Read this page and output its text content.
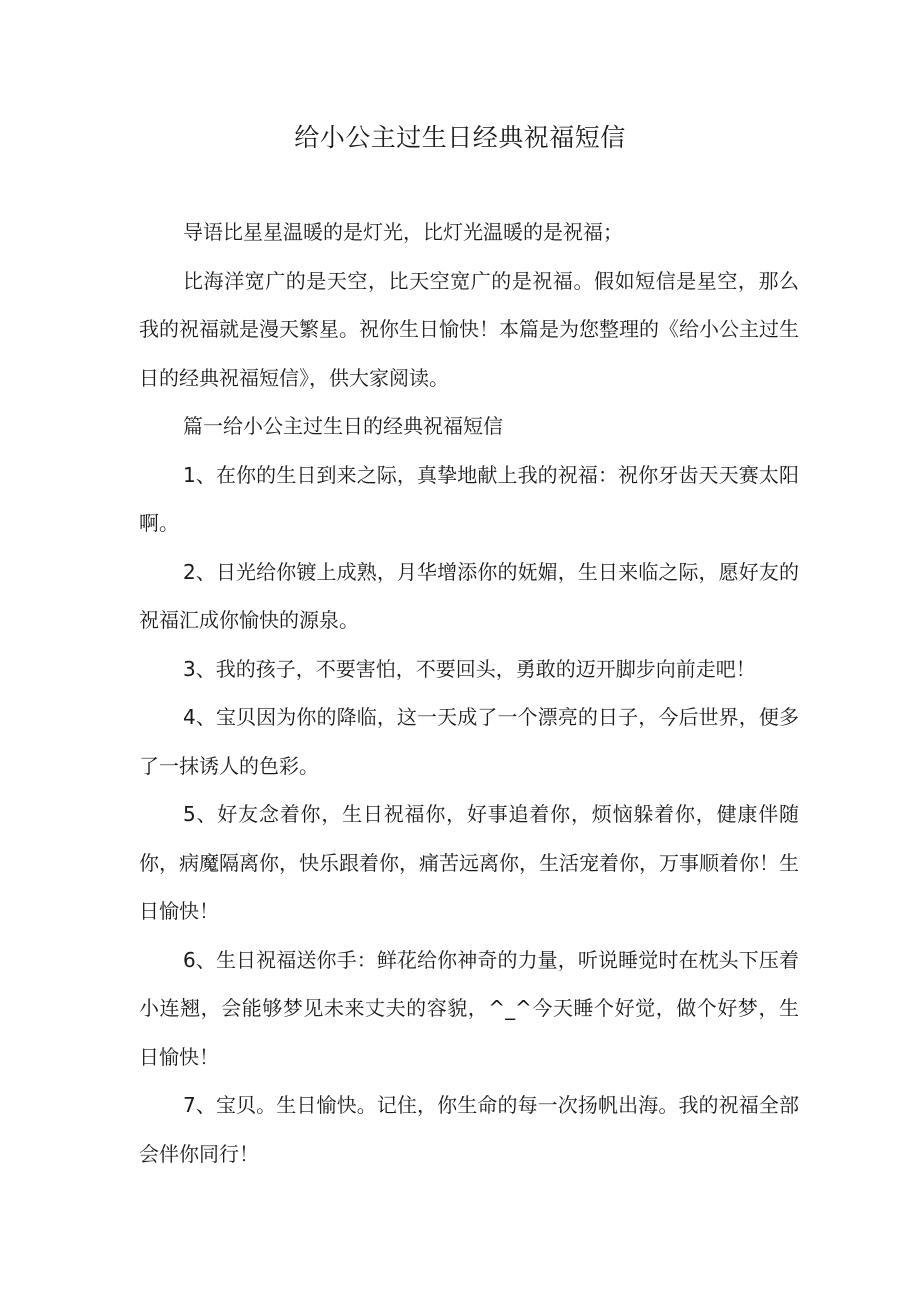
给小公主过生日经典祝福短信

导语比星星温暖的是灯光，比灯光温暖的是祝福；

比海洋宽广的是天空，比天空宽广的是祝福。假如短信是星空，那么我的祝福就是漫天繁星。祝你生日愉快！本篇是为您整理的《给小公主过生日的经典祝福短信》，供大家阅读。

篇一给小公主过生日的经典祝福短信

1、在你的生日到来之际，真挚地献上我的祝福：祝你牙齿天天赛太阳啊。

2、日光给你镀上成熟，月华增添你的妩媚，生日来临之际，愿好友的祝福汇成你愉快的源泉。

3、我的孩子，不要害怕，不要回头，勇敢的迈开脚步向前走吧！

4、宝贝因为你的降临，这一天成了一个漂亮的日子，今后世界，便多了一抹诱人的色彩。

5、好友念着你，生日祝福你，好事追着你，烦恼躲着你，健康伴随你，病魔隔离你，快乐跟着你，痛苦远离你，生活宠着你，万事顺着你！生日愉快！

6、生日祝福送你手：鲜花给你神奇的力量，听说睡觉时在枕头下压着小连翘，会能够梦见未来丈夫的容貌，^_^今天睡个好觉，做个好梦，生日愉快！

7、宝贝。生日愉快。记住，你生命的每一次扬帆出海。我的祝福全部会伴你同行！
